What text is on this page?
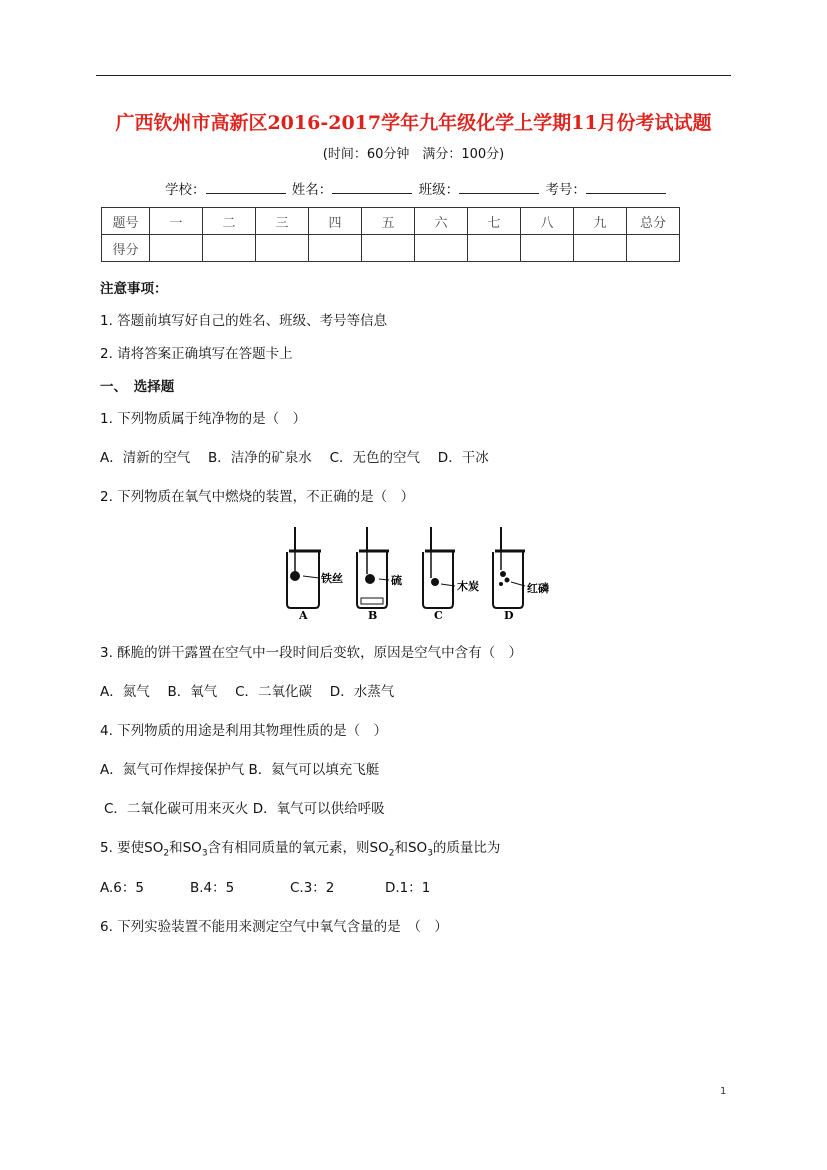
广西钦州市高新区2016-2017学年九年级化学上学期11月份考试试题
(时间：60分钟　满分：100分)
学校：	姓名：	班级：	考号：
题号	一	二	三	四	五	六	七	八	九	总分
得分										
注意事项：
1. 答题前填写好自己的姓名、班级、考号等信息
2. 请将答案正确填写在答题卡上
一、　选择题
1. 下列物质属于纯净物的是（　）
A．清新的空气　 B．洁净的矿泉水　 C．无色的空气　 D．干冰
2. 下列物质在氧气中燃烧的装置，不正确的是（　）
铁丝	硫	木炭	红磷
A	B	C	D
3. 酥脆的饼干露置在空气中一段时间后变软，原因是空气中含有（　）
A．氮气　 B．氧气　 C．二氧化碳　 D．水蒸气
4. 下列物质的用途是利用其物理性质的是（　）
A．氮气可作焊接保护气 B．氦气可以填充飞艇
C．二氧化碳可用来灭火 D．氧气可以供给呼吸
5. 要使$SO_2$和$SO_3$含有相同质量的氧元素，则$SO_2$和$SO_3$的质量比为
A.6：5	B.4：5	C.3：2	D.1：1
6. 下列实验装置不能用来测定空气中氧气含量的是　（　）
1
